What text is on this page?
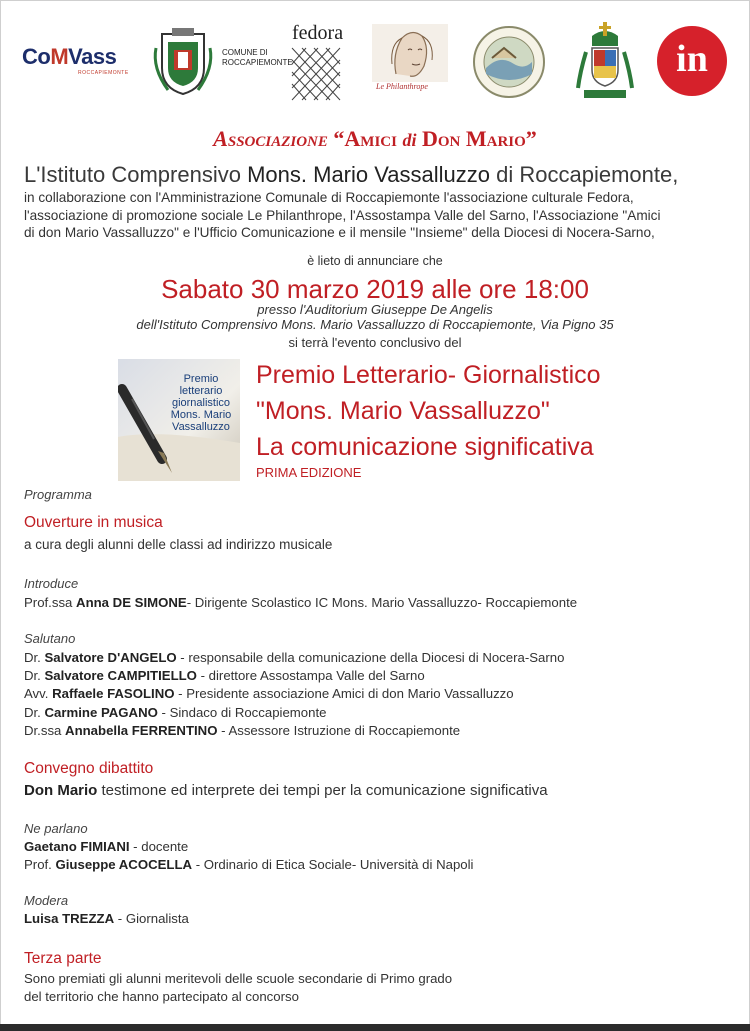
CoMVass
ROCCAPIEMONTE
COMUNE DI
ROCCAPIEMONTE
fedora
Le Philanthrope
in
Associazione “Amici di Don Mario”
L'Istituto Comprensivo Mons. Mario Vassalluzzo di Roccapiemonte,
in collaborazione con l'Amministrazione Comunale di Roccapiemonte l'associazione culturale Fedora,
l'associazione di promozione sociale Le Philanthrope, l'Assostampa Valle del Sarno, l'Associazione "Amici
di don Mario Vassalluzzo" e l'Ufficio Comunicazione e il mensile "Insieme" della Diocesi di Nocera-Sarno,
è lieto di annunciare che
Sabato 30 marzo 2019 alle ore 18:00
presso l'Auditorium Giuseppe De Angelis
dell'Istituto Comprensivo Mons. Mario Vassalluzzo di Roccapiemonte, Via Pigno 35
si terrà l'evento conclusivo del
Premio
letterario
giornalistico
Mons. Mario
Vassalluzzo
Premio Letterario- Giornalistico
"Mons. Mario Vassalluzzo"
La comunicazione significativa
PRIMA EDIZIONE
Programma
Ouverture in musica
a cura degli alunni delle classi ad indirizzo musicale
Introduce
Prof.ssa Anna DE SIMONE- Dirigente Scolastico IC Mons. Mario Vassalluzzo- Roccapiemonte
Salutano
Dr. Salvatore D'ANGELO - responsabile della comunicazione della Diocesi di Nocera-Sarno
Dr. Salvatore CAMPITIELLO - direttore Assostampa Valle del Sarno
Avv. Raffaele FASOLINO - Presidente associazione Amici di don Mario Vassalluzzo
Dr. Carmine PAGANO - Sindaco di Roccapiemonte
Dr.ssa Annabella FERRENTINO - Assessore Istruzione di Roccapiemonte
Convegno dibattito
Don Mario testimone ed interprete dei tempi per la comunicazione significativa
Ne parlano
Gaetano FIMIANI - docente
Prof. Giuseppe ACOCELLA - Ordinario di Etica Sociale- Università di Napoli
Modera
Luisa TREZZA - Giornalista
Terza parte
Sono premiati gli alunni meritevoli delle scuole secondarie di Primo grado
del territorio che hanno partecipato al concorso
